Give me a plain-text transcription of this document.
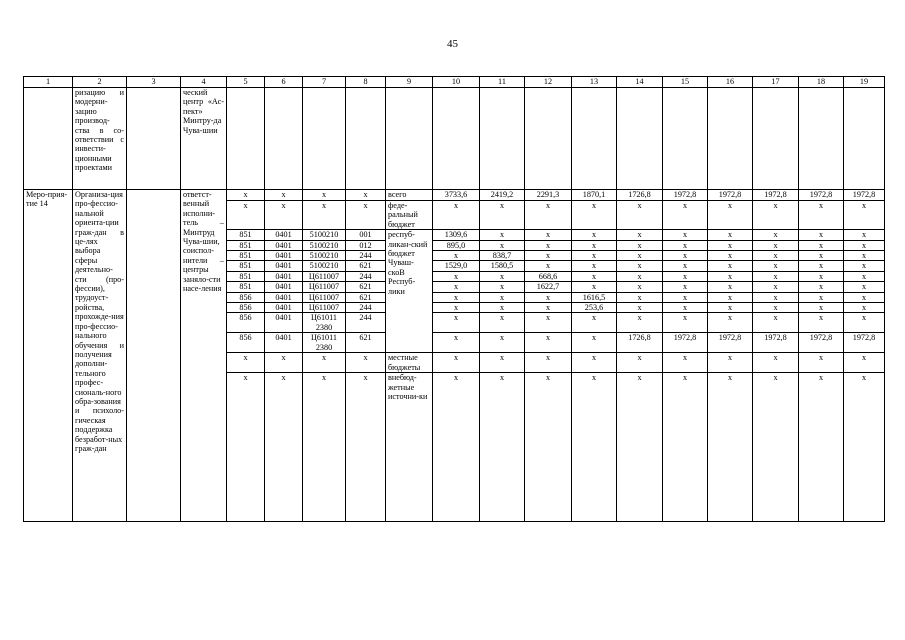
45
1	2	3	4	5	6	7	8	9	10	11	12	13	14	15	16	17	18	19
	ризацию и модерни-зацию производ-ства в со-ответствии с инвести-ционными проектами		ческий центр «Ас-пект» Минтру-да Чува-шии															
Меро-прия-тие 14	Организа-ция про-фессио-нальной ориента-ции граж-дан в це-лях выбора сферы деятельно-сти (про-фессии), трудоуст-ройства, прохожде-ния про-фессио-нального обучения и получения дополни-тельного профес-сиональ-ного обра-зования и психоло-гическая поддержка безработ-ных граж-дан		ответст-венный исполни-тель – Минтруд Чува-шии, соиспол-нители – центры заняло-сти насе-ления	x	x	x	x	всего	3733,6	2419,2	2291,3	1870,1	1726,8	1972,8	1972,8	1972,8	1972,8	1972,8
				x	x	x	x	феде-ральный бюджет	x	x	x	x	x	x	x	x	x	x
				851	0401	5100210	001	респуб-ликан-ский бюджет Чуваш-скоВ Респуб-лики	1309,6	x	x	x	x	x	x	x	x	x
				851	0401	5100210	012		895,0	x	x	x	x	x	x	x	x	x
				851	0401	5100210	244		x	838,7	x	x	x	x	x	x	x	x
				851	0401	5100210	621		1529,0	1580,5	x	x	x	x	x	x	x	x
				851	0401	Ц611007	244		x	x	668,6	x	x	x	x	x	x	x
				851	0401	Ц611007	621		x	x	1622,7	x	x	x	x	x	x	x
				856	0401	Ц611007	621		x	x	x	1616,5	x	x	x	x	x	x
				856	0401	Ц611007	244		x	x	x	253,6	x	x	x	x	x	x
				856	0401	Ц61011 2380	244		x	x	x	x	x	x	x	x	x	x
				856	0401	Ц61011 2380	621		x	x	x	x	1726,8	1972,8	1972,8	1972,8	1972,8	1972,8
				x	x	x	x	местные бюджеты	x	x	x	x	x	x	x	x	x	x
				x	x	x	x	внебюд-жетные источни-ки	x	x	x	x	x	x	x	x	x	x
